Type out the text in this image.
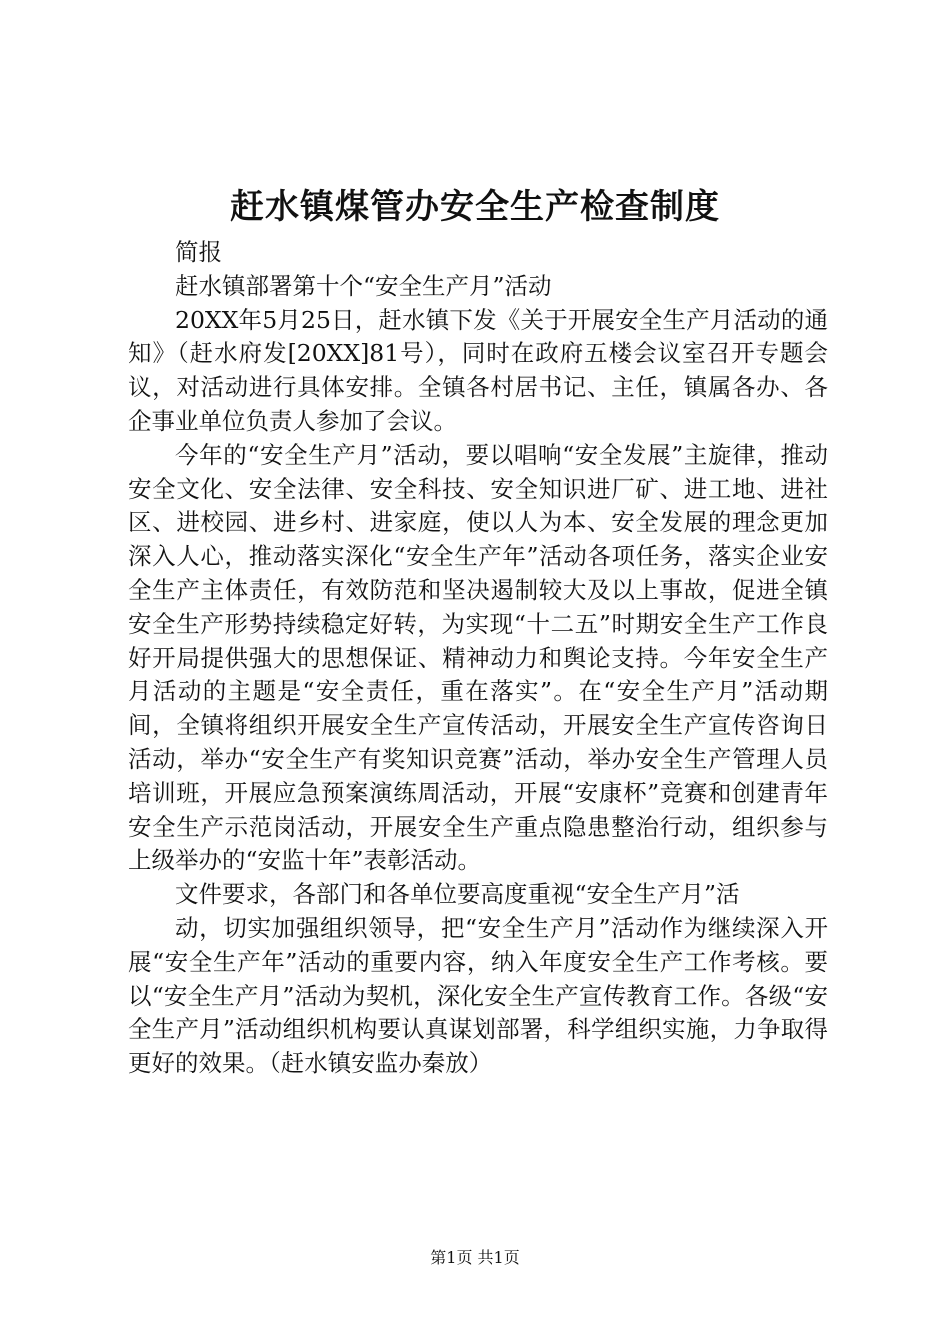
赶水镇煤管办安全生产检查制度

简报

赶水镇部署第十个“安全生产月”活动

20XX年5月25日，赶水镇下发《关于开展安全生产月活动的通知》（赶水府发[20XX]81号），同时在政府五楼会议室召开专题会议，对活动进行具体安排。全镇各村居书记、主任，镇属各办、各企事业单位负责人参加了会议。

今年的“安全生产月”活动，要以唱响“安全发展”主旋律，推动安全文化、安全法律、安全科技、安全知识进厂矿、进工地、进社区、进校园、进乡村、进家庭，使以人为本、安全发展的理念更加深入人心，推动落实深化“安全生产年”活动各项任务，落实企业安全生产主体责任，有效防范和坚决遏制较大及以上事故，促进全镇安全生产形势持续稳定好转，为实现“十二五”时期安全生产工作良好开局提供强大的思想保证、精神动力和舆论支持。今年安全生产月活动的主题是“安全责任，重在落实”。在“安全生产月”活动期间，全镇将组织开展安全生产宣传活动，开展安全生产宣传咨询日活动，举办“安全生产有奖知识竞赛”活动，举办安全生产管理人员培训班，开展应急预案演练周活动，开展“安康杯”竞赛和创建青年安全生产示范岗活动，开展安全生产重点隐患整治行动，组织参与上级举办的“安监十年”表彰活动。

文件要求，各部门和各单位要高度重视“安全生产月”活

动，切实加强组织领导，把“安全生产月”活动作为继续深入开展“安全生产年”活动的重要内容，纳入年度安全生产工作考核。要以“安全生产月”活动为契机，深化安全生产宣传教育工作。各级“安全生产月”活动组织机构要认真谋划部署，科学组织实施，力争取得更好的效果。（赶水镇安监办秦放）

第1页 共1页
